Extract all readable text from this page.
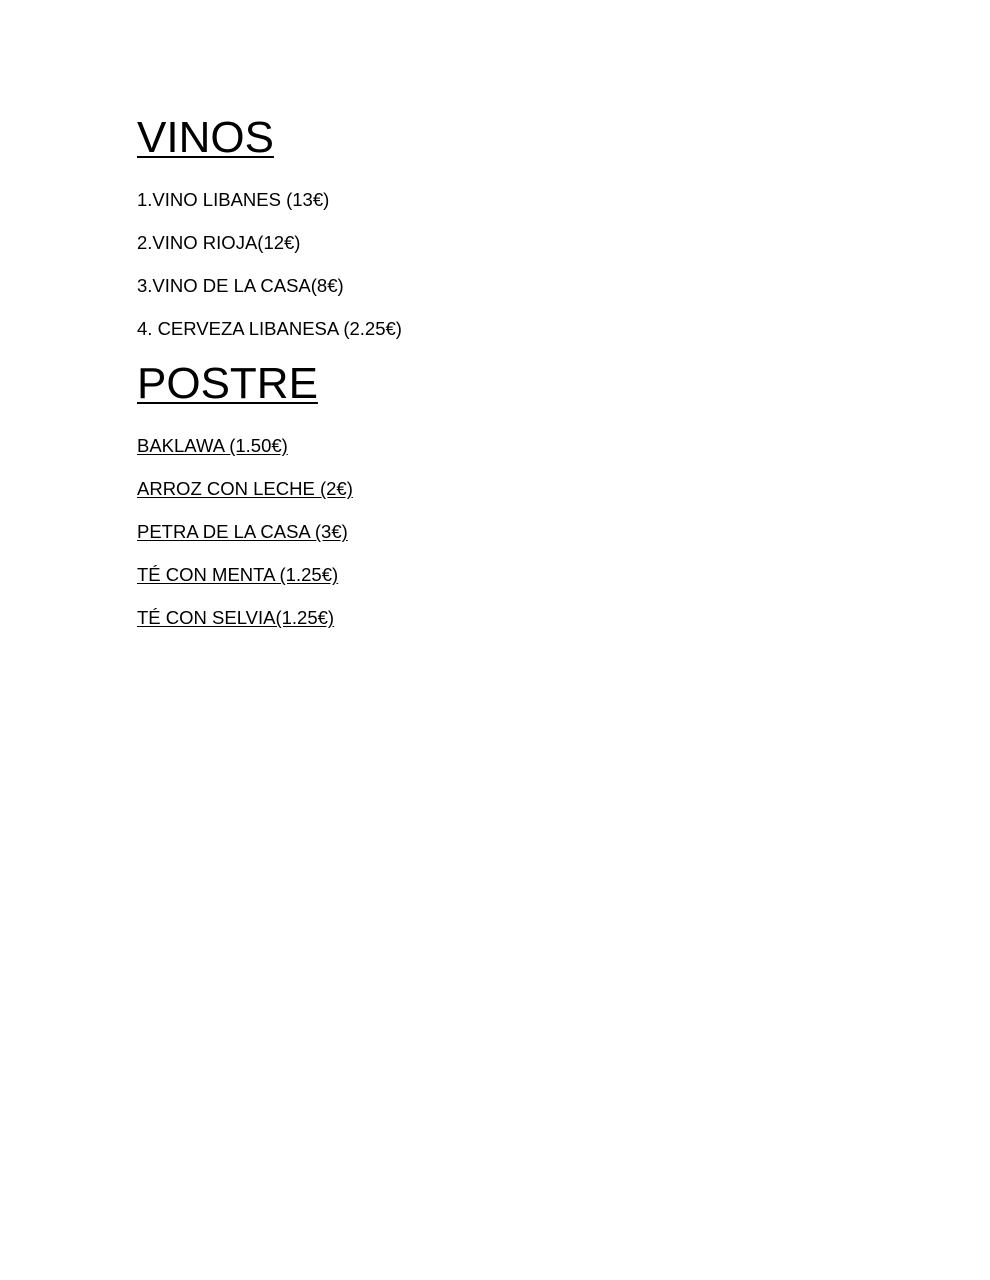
VINOS

1.VINO LIBANES (13€)

2.VINO RIOJA(12€)

3.VINO DE LA CASA(8€)

4. CERVEZA LIBANESA (2.25€)

POSTRE

BAKLAWA (1.50€)

ARROZ CON LECHE (2€)

PETRA DE LA CASA (3€)

TÉ CON MENTA (1.25€)

TÉ CON SELVIA(1.25€)
